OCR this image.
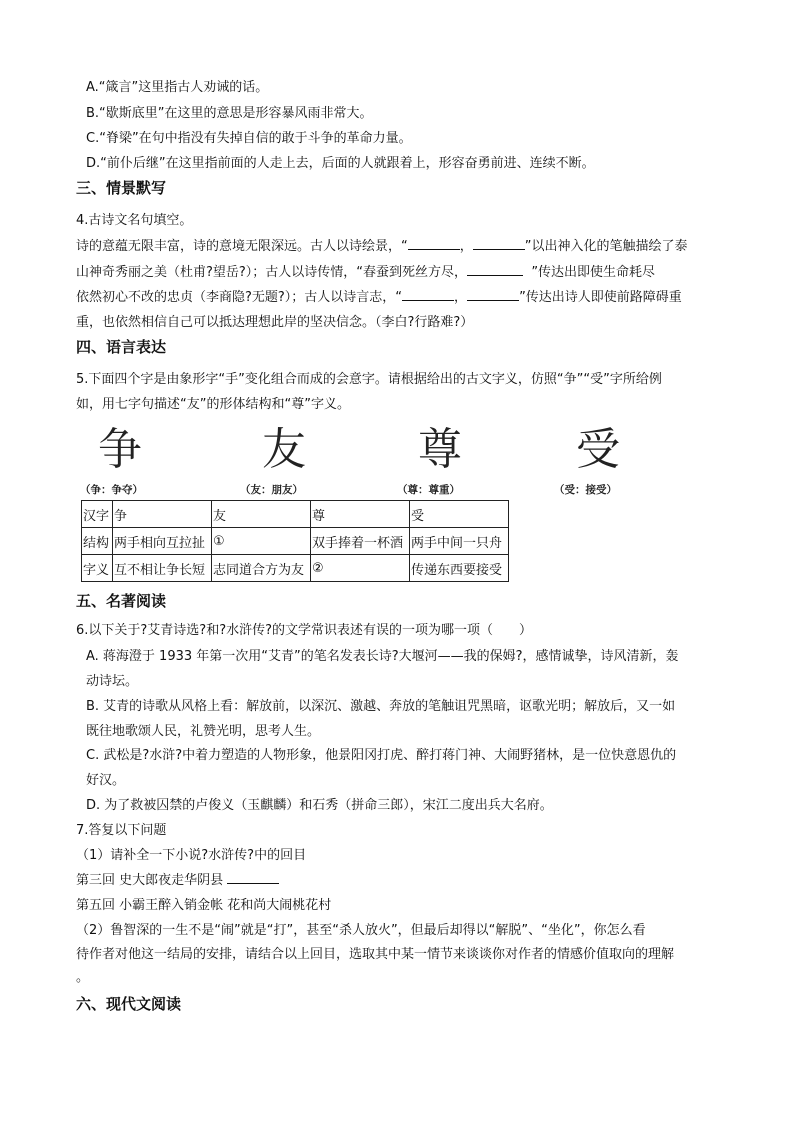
A.“箴言”这里指古人劝诫的话。
B.“歇斯底里”在这里的意思是形容暴风雨非常大。
C.“脊梁”在句中指没有失掉自信的敢于斗争的革命力量。
D.“前仆后继”在这里指前面的人走上去，后面的人就跟着上，形容奋勇前进、连续不断。
三、情景默写
4.古诗文名句填空。
诗的意蕴无限丰富，诗的意境无限深远。古人以诗绘景，“	，	”以出神入化的笔触描绘了泰
山神奇秀丽之美（杜甫?望岳?）；古人以诗传情，“春蚕到死丝方尽，	”传达出即使生命耗尽
依然初心不改的忠贞（李商隐?无题?）；古人以诗言志，“	，	”传达出诗人即使前路障碍重
重，也依然相信自己可以抵达理想此岸的坚决信念。（李白?行路难?）
四、语言表达
5.下面四个字是由象形字“手”变化组合而成的会意字。请根据给出的古文字义，仿照“争”“受”字所给例
如，用七字句描述“友”的形体结构和“尊”字义。
争	友	尊	受
（争：争夺）	（友：朋友）	（尊：尊重）	（受：接受）
汉字	争	友	尊	受
结构	两手相向互拉扯	①	双手捧着一杯酒	两手中间一只舟
字义	互不相让争长短	志同道合方为友	②	传递东西要接受
五、名著阅读
6.以下关于?艾青诗选?和?水浒传?的文学常识表述有误的一项为哪一项（　　）
A. 蒋海澄于 1933 年第一次用“艾青”的笔名发表长诗?大堰河——我的保姆?，感情诚挚，诗风清新，轰
动诗坛。
B. 艾青的诗歌从风格上看：解放前，以深沉、激越、奔放的笔触诅咒黑暗，讴歌光明；解放后，又一如
既往地歌颂人民，礼赞光明，思考人生。
C. 武松是?水浒?中着力塑造的人物形象，他景阳冈打虎、醉打蒋门神、大闹野猪林，是一位快意恩仇的
好汉。
D. 为了救被囚禁的卢俊义（玉麒麟）和石秀（拼命三郎），宋江二度出兵大名府。
7.答复以下问题
（1）请补全一下小说?水浒传?中的回目
第三回 史大郎夜走华阴县
第五回 小霸王醉入销金帐 花和尚大闹桃花村
（2）鲁智深的一生不是“闹”就是“打”，甚至“杀人放火”，但最后却得以“解脱”、“坐化”，你怎么看
待作者对他这一结局的安排，请结合以上回目，选取其中某一情节来谈谈你对作者的情感价值取向的理解
。
六、现代文阅读
